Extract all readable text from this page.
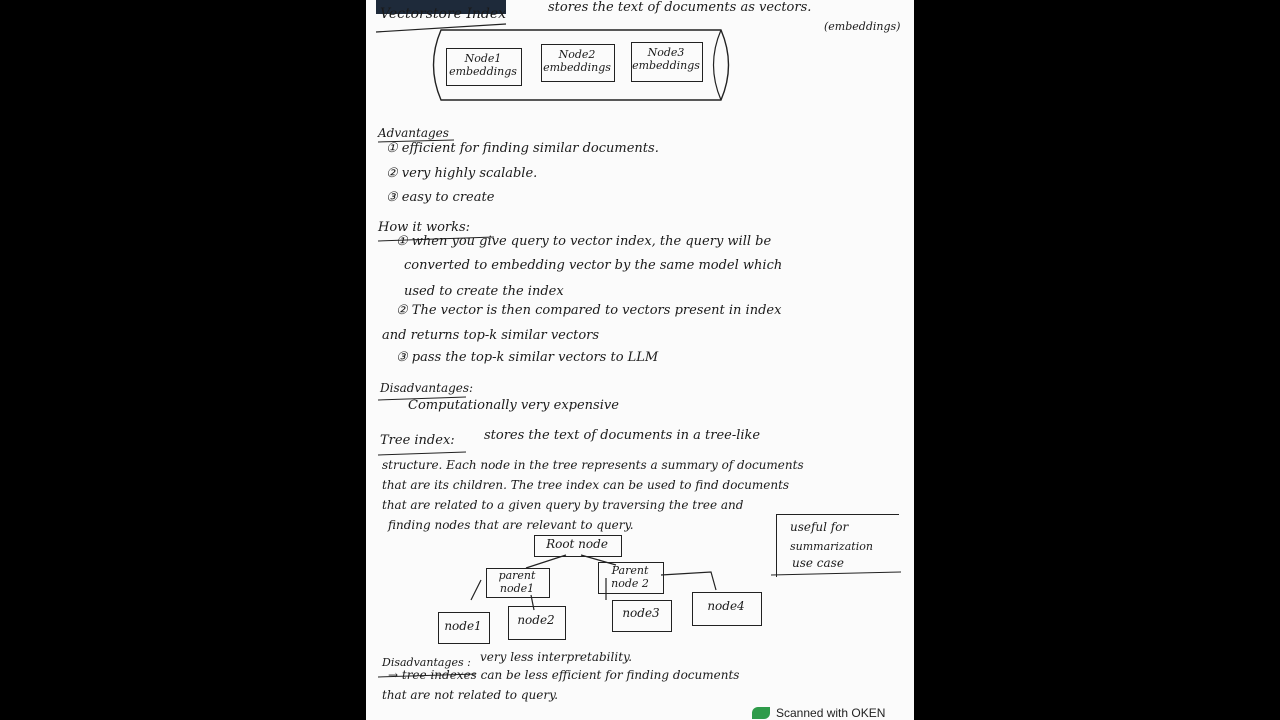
Vectorstore Index	stores the text of documents as vectors.
(embeddings)
Node1
embeddings
Node2
embeddings
Node3
embeddings
Advantages
① efficient for finding similar documents.
② very highly scalable.
③ easy to create
How it works:
① when you give query to vector index, the query will be
converted to embedding vector by the same model which
used to create the index
② The vector is then compared to vectors present in index
and returns top-k similar vectors
③ pass the top-k similar vectors to LLM
Disadvantages:
Computationally very expensive
Tree index: stores the text of documents in a tree-like
structure. Each node in the tree represents a summary of documents
that are its children. The tree index can be used to find documents
that are related to a given query by traversing the tree and
finding nodes that are relevant to query.	useful for
summarization
use case
Root node
parent
node1
Parent
node 2
node1	node2	node3	node4
Disadvantages : very less interpretability.
→ tree indexes can be less efficient for finding documents
that are not related to query.
Scanned with OKEN
